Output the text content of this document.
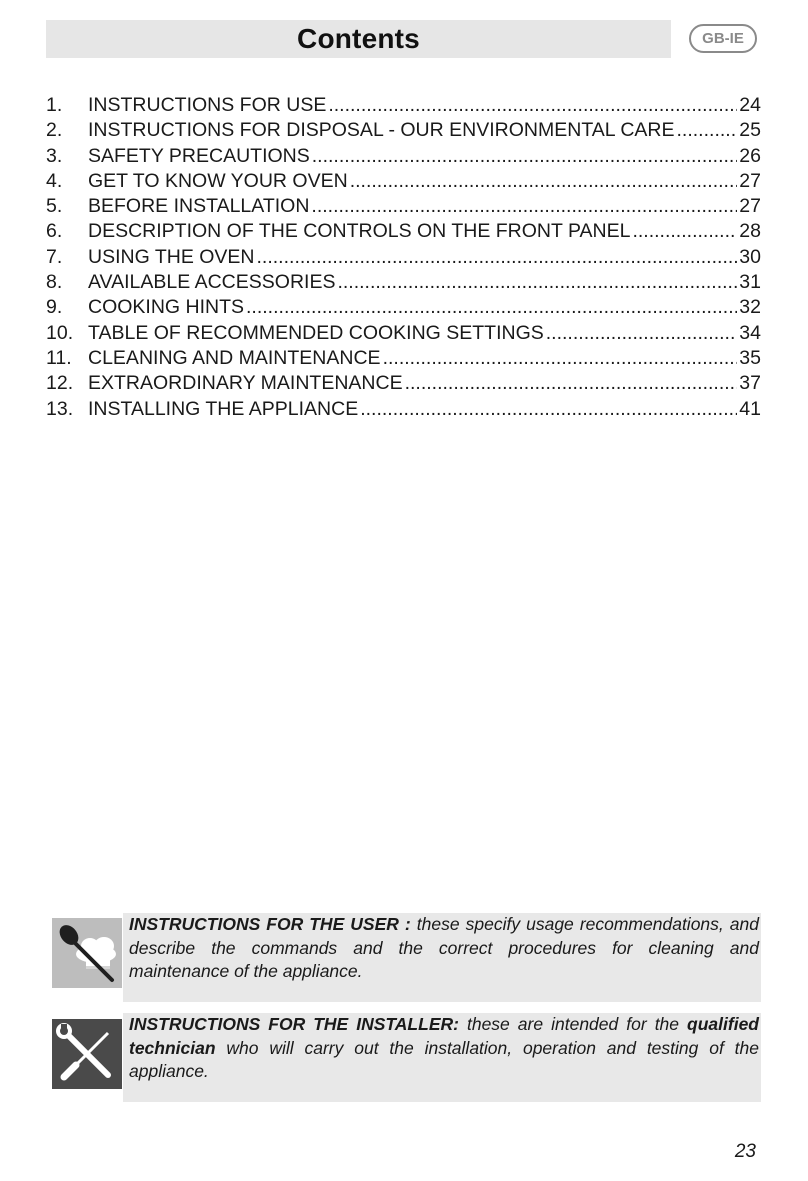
Contents	GB-IE
1.	INSTRUCTIONS FOR USE .....	24
2.	INSTRUCTIONS FOR DISPOSAL - OUR ENVIRONMENTAL CARE .....	25
3.	SAFETY PRECAUTIONS .....	26
4.	GET TO KNOW YOUR OVEN .....	27
5.	BEFORE INSTALLATION .....	27
6.	DESCRIPTION OF THE CONTROLS ON THE FRONT PANEL .....	28
7.	USING THE OVEN .....	30
8.	AVAILABLE ACCESSORIES .....	31
9.	COOKING HINTS .....	32
10. TABLE OF RECOMMENDED COOKING SETTINGS .....	34
11. CLEANING AND MAINTENANCE .....	35
12. EXTRAORDINARY MAINTENANCE .....	37
13. INSTALLING THE APPLIANCE .....	41
INSTRUCTIONS FOR THE USER : these specify usage recommendations, and describe the commands and the correct procedures for cleaning and maintenance of the appliance.
INSTRUCTIONS FOR THE INSTALLER: these are intended for the qualified technician who will carry out the installation, operation and testing of the appliance.
23
